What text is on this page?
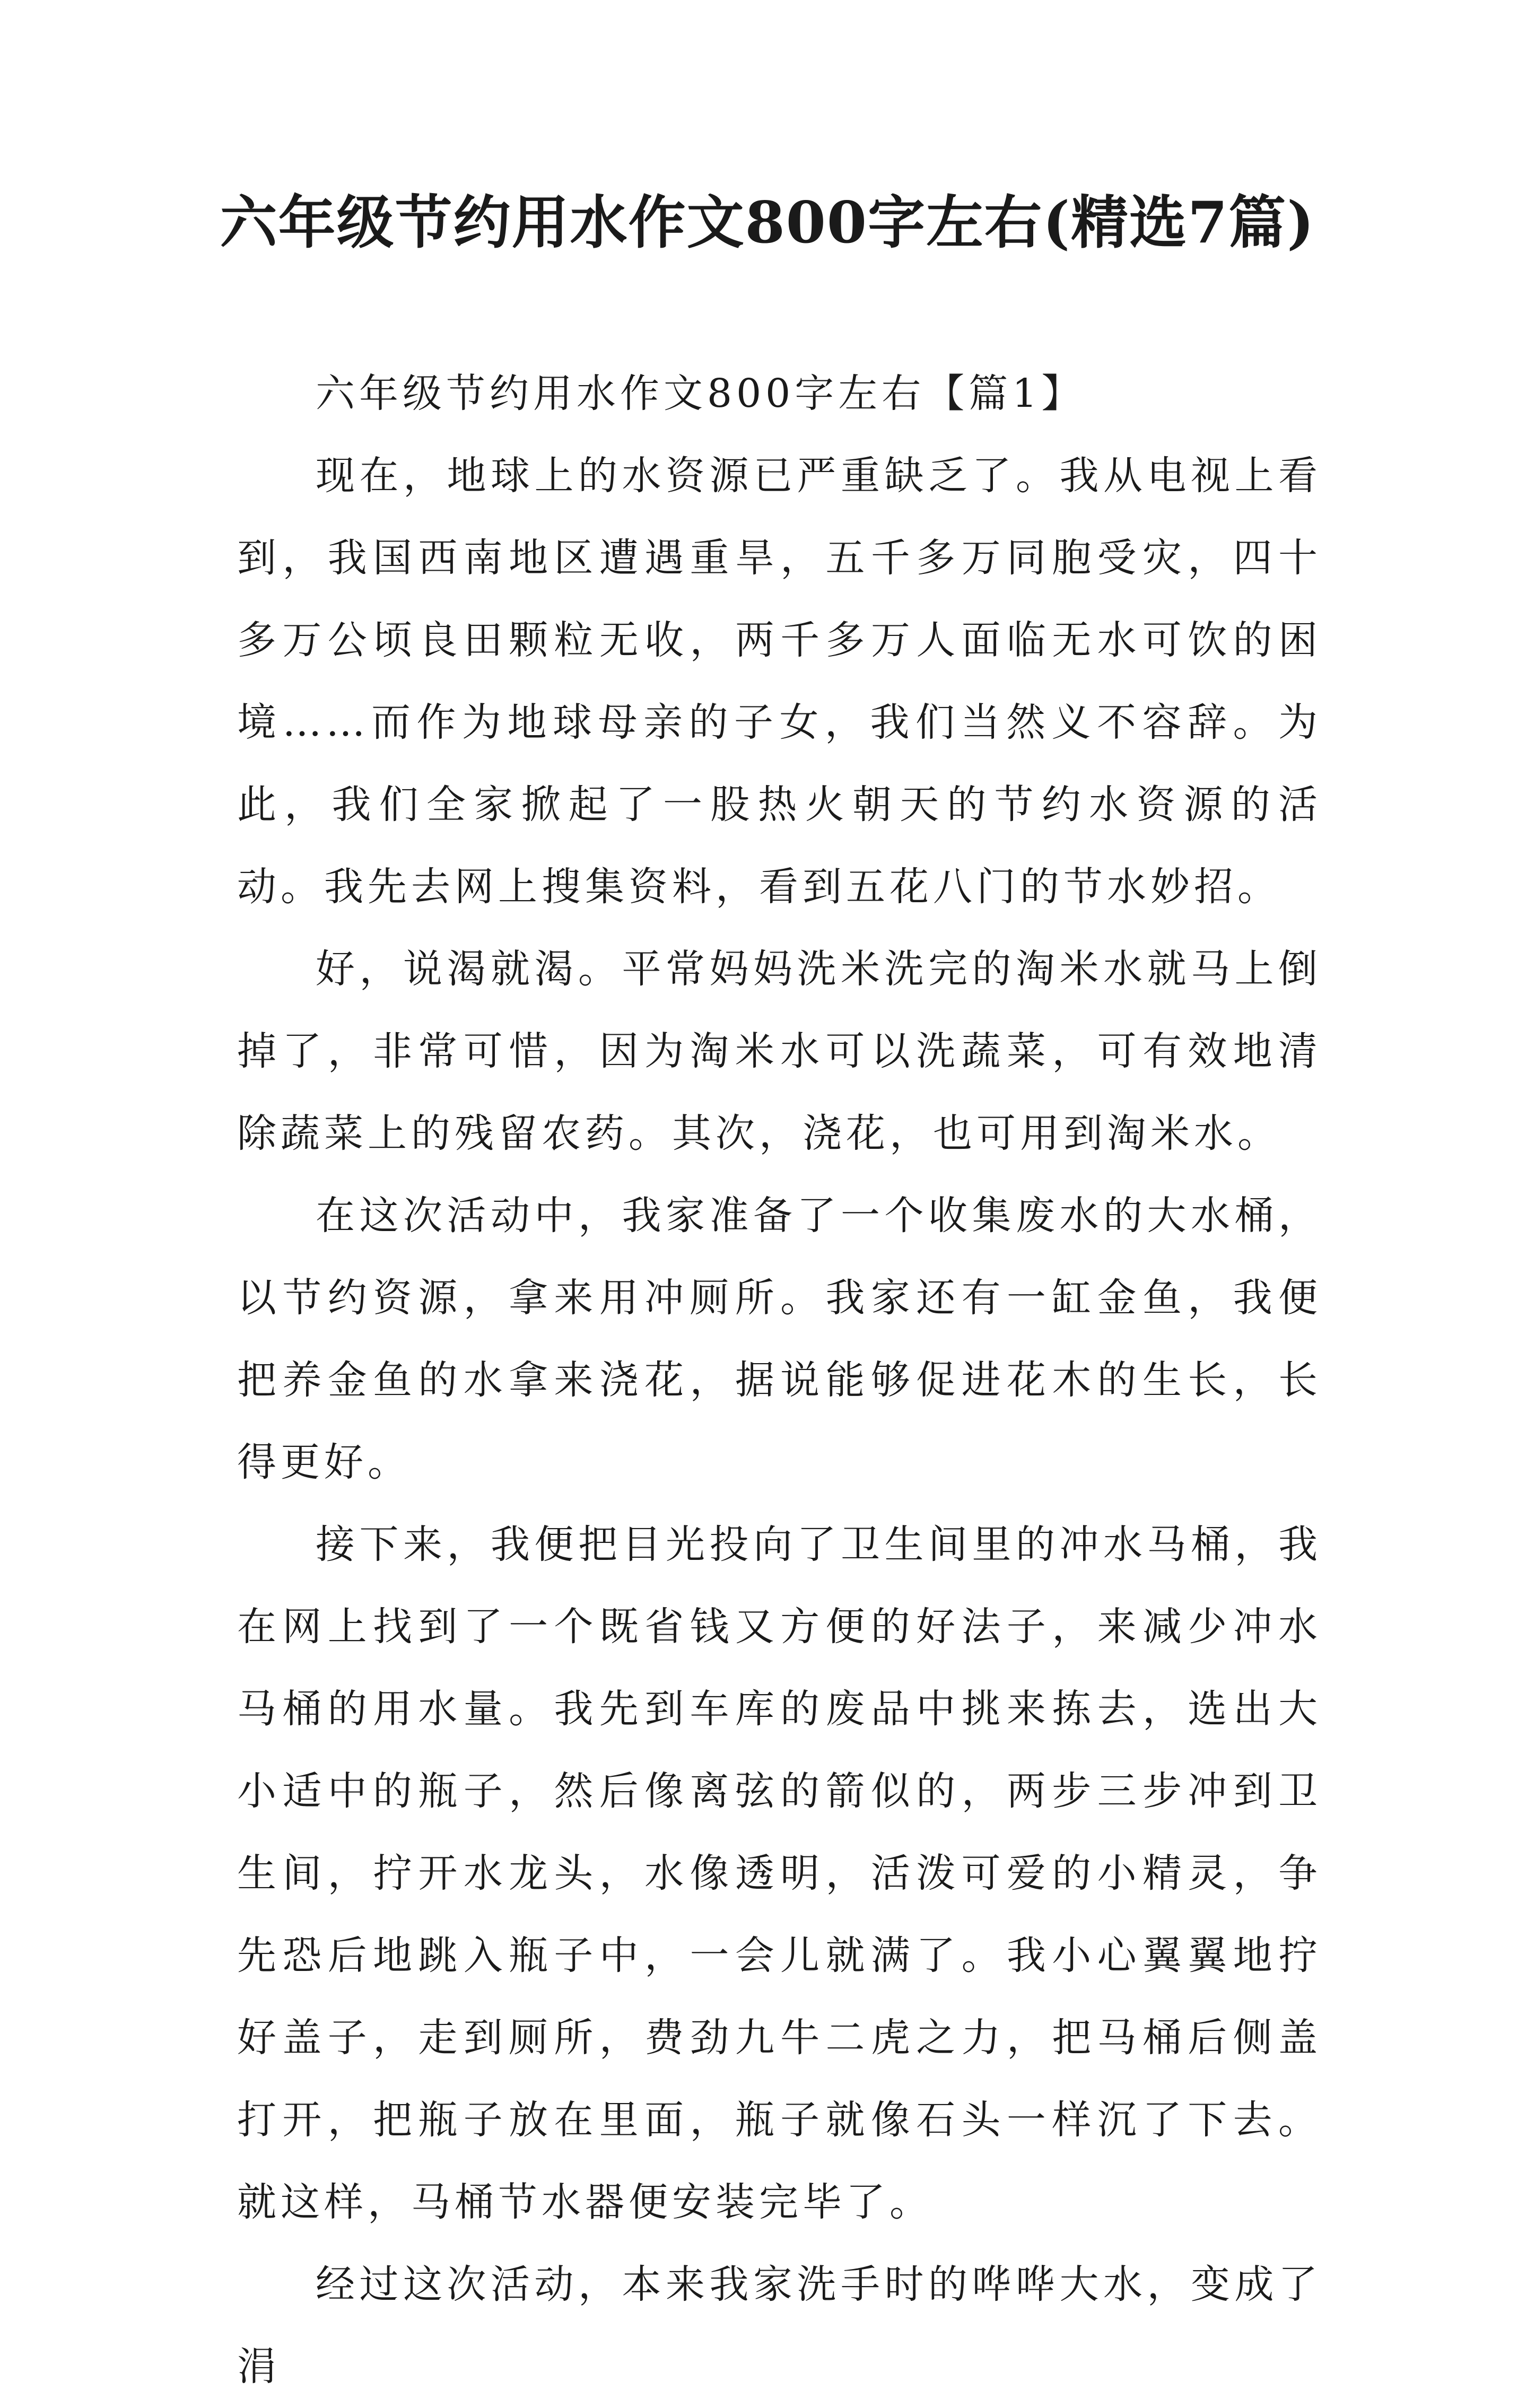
六年级节约用水作文800字左右(精选7篇)

六年级节约用水作文800字左右【篇1】

现在，地球上的水资源已严重缺乏了。我从电视上看到，我国西南地区遭遇重旱，五千多万同胞受灾，四十多万公顷良田颗粒无收，两千多万人面临无水可饮的困境……而作为地球母亲的子女，我们当然义不容辞。为此，我们全家掀起了一股热火朝天的节约水资源的活动。我先去网上搜集资料，看到五花八门的节水妙招。

好，说渴就渴。平常妈妈洗米洗完的淘米水就马上倒掉了，非常可惜，因为淘米水可以洗蔬菜，可有效地清除蔬菜上的残留农药。其次，浇花，也可用到淘米水。

在这次活动中，我家准备了一个收集废水的大水桶，以节约资源，拿来用冲厕所。我家还有一缸金鱼，我便把养金鱼的水拿来浇花，据说能够促进花木的生长，长得更好。

接下来，我便把目光投向了卫生间里的冲水马桶，我在网上找到了一个既省钱又方便的好法子，来减少冲水马桶的用水量。我先到车库的废品中挑来拣去，选出大小适中的瓶子，然后像离弦的箭似的，两步三步冲到卫生间，拧开水龙头，水像透明，活泼可爱的小精灵，争先恐后地跳入瓶子中，一会儿就满了。我小心翼翼地拧好盖子，走到厕所，费劲九牛二虎之力，把马桶后侧盖打开，把瓶子放在里面，瓶子就像石头一样沉了下去。就这样，马桶节水器便安装完毕了。

经过这次活动，本来我家洗手时的哗哗大水，变成了涓
